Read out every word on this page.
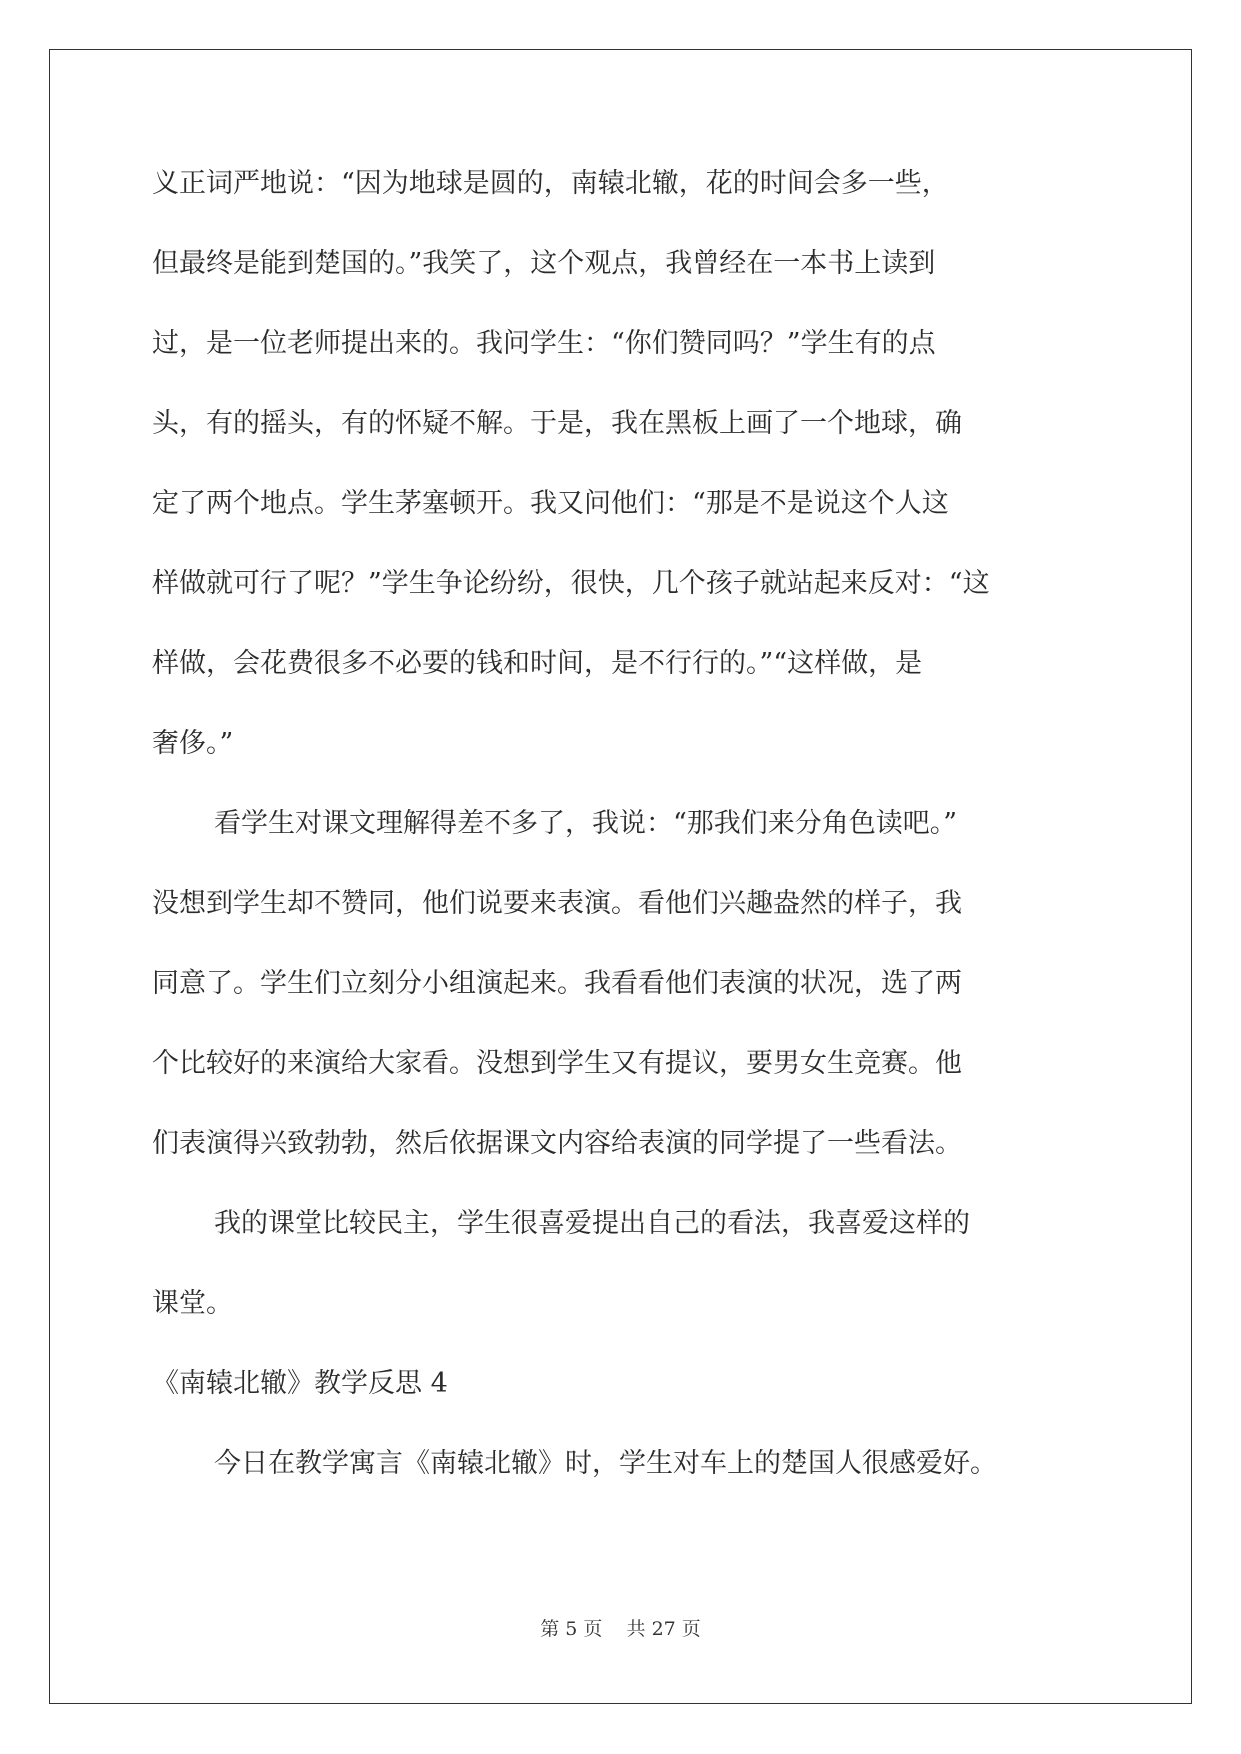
义正词严地说：“因为地球是圆的，南辕北辙，花的时间会多一些，
但最终是能到楚国的。”我笑了，这个观点，我曾经在一本书上读到
过，是一位老师提出来的。我问学生：“你们赞同吗？”学生有的点
头，有的摇头，有的怀疑不解。于是，我在黑板上画了一个地球，确
定了两个地点。学生茅塞顿开。我又问他们：“那是不是说这个人这
样做就可行了呢？”学生争论纷纷，很快，几个孩子就站起来反对：“这
样做，会花费很多不必要的钱和时间，是不行行的。”“这样做，是
奢侈。”
看学生对课文理解得差不多了，我说：“那我们来分角色读吧。”
没想到学生却不赞同，他们说要来表演。看他们兴趣盎然的样子，我
同意了。学生们立刻分小组演起来。我看看他们表演的状况，选了两
个比较好的来演给大家看。没想到学生又有提议，要男女生竞赛。他
们表演得兴致勃勃，然后依据课文内容给表演的同学提了一些看法。
我的课堂比较民主，学生很喜爱提出自己的看法，我喜爱这样的
课堂。
《南辕北辙》教学反思 4
今日在教学寓言《南辕北辙》时，学生对车上的楚国人很感爱好。
第 5 页    共 27 页
